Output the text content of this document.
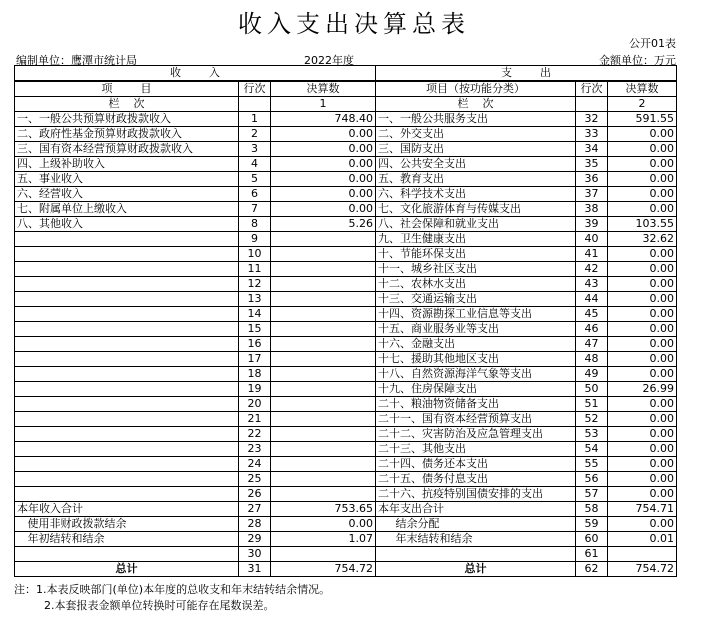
收入支出决算总表
公开01表
编制单位：鹰潭市统计局	2022年度	金额单位：万元
收        入			支        出		
项        目	行次	决算数	项目（按功能分类）	行次	决算数
栏    次		1	栏    次		2
一、一般公共预算财政拨款收入	1	748.40	一、一般公共服务支出	32	591.55
二、政府性基金预算财政拨款收入	2	0.00	二、外交支出	33	0.00
三、国有资本经营预算财政拨款收入	3	0.00	三、国防支出	34	0.00
四、上级补助收入	4	0.00	四、公共安全支出	35	0.00
五、事业收入	5	0.00	五、教育支出	36	0.00
六、经营收入	6	0.00	六、科学技术支出	37	0.00
七、附属单位上缴收入	7	0.00	七、文化旅游体育与传媒支出	38	0.00
八、其他收入	8	5.26	八、社会保障和就业支出	39	103.55
	9		九、卫生健康支出	40	32.62
	10		十、节能环保支出	41	0.00
	11		十一、城乡社区支出	42	0.00
	12		十二、农林水支出	43	0.00
	13		十三、交通运输支出	44	0.00
	14		十四、资源勘探工业信息等支出	45	0.00
	15		十五、商业服务业等支出	46	0.00
	16		十六、金融支出	47	0.00
	17		十七、援助其他地区支出	48	0.00
	18		十八、自然资源海洋气象等支出	49	0.00
	19		十九、住房保障支出	50	26.99
	20		二十、粮油物资储备支出	51	0.00
	21		二十一、国有资本经营预算支出	52	0.00
	22		二十二、灾害防治及应急管理支出	53	0.00
	23		二十三、其他支出	54	0.00
	24		二十四、债务还本支出	55	0.00
	25		二十五、债务付息支出	56	0.00
	26		二十六、抗疫特别国债安排的支出	57	0.00
本年收入合计	27	753.65	本年支出合计	58	754.71
使用非财政拨款结余	28	0.00	结余分配	59	0.00
年初结转和结余	29	1.07	年末结转和结余	60	0.01
	30			61	
总计	31	754.72	总计	62	754.72
注：1.本表反映部门(单位)本年度的总收支和年末结转结余情况。
2.本套报表金额单位转换时可能存在尾数误差。
